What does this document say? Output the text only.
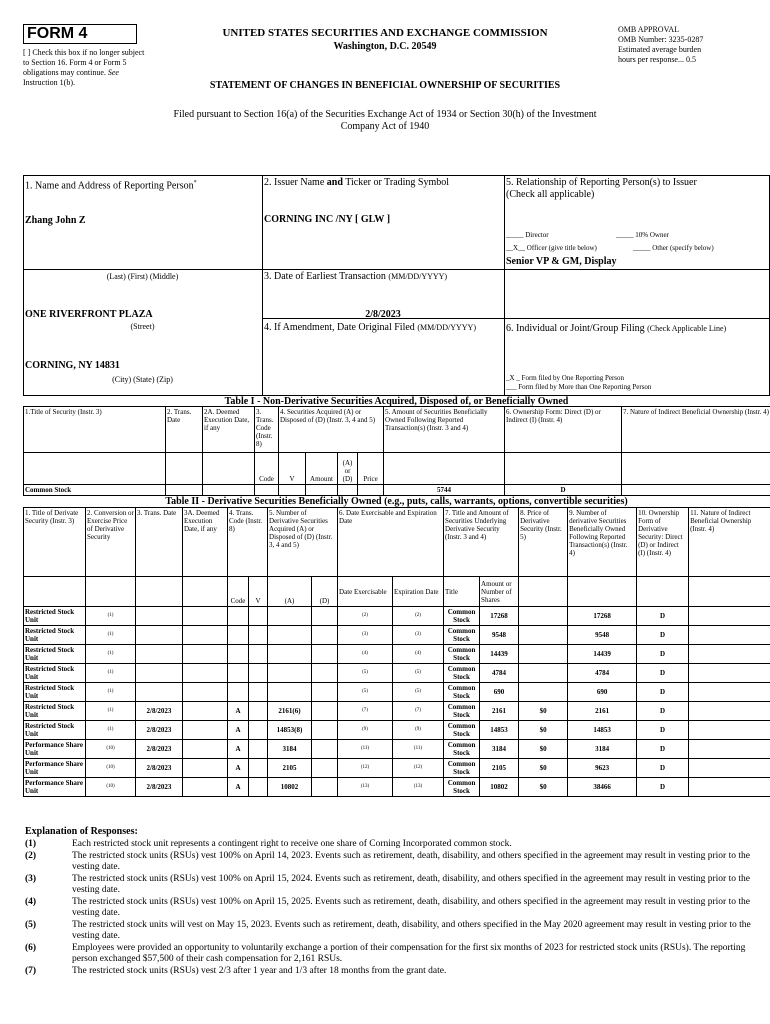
FORM 4
[ ] Check this box if no longer subject to Section 16. Form 4 or Form 5 obligations may continue. See Instruction 1(b).
UNITED STATES SECURITIES AND EXCHANGE COMMISSION
Washington, D.C. 20549
STATEMENT OF CHANGES IN BENEFICIAL OWNERSHIP OF SECURITIES
OMB APPROVAL
OMB Number: 3235-0287
Estimated average burden
hours per response... 0.5
Filed pursuant to Section 16(a) of the Securities Exchange Act of 1934 or Section 30(h) of the Investment Company Act of 1940
1. Name and Address of Reporting Person*
Zhang John Z
(Last) (First) (Middle)
ONE RIVERFRONT PLAZA
(Street)
CORNING, NY 14831
(City) (State) (Zip)
2. Issuer Name and Ticker or Trading Symbol
CORNING INC /NY [ GLW ]
3. Date of Earliest Transaction (MM/DD/YYYY)
2/8/2023
4. If Amendment, Date Original Filed (MM/DD/YYYY)
5. Relationship of Reporting Person(s) to Issuer
(Check all applicable)
_____ Director	_____ 10% Owner
__X__ Officer (give title below)	_____ Other (specify below)
Senior VP & GM, Display
6. Individual or Joint/Group Filing (Check Applicable Line)
_X _ Form filed by One Reporting Person
___ Form filed by More than One Reporting Person
Table I - Non-Derivative Securities Acquired, Disposed of, or Beneficially Owned
1.Title of Security (Instr. 3)	2. Trans. Date	2A. Deemed Execution Date, if any	3. Trans. Code (Instr. 8)	4. Securities Acquired (A) or Disposed of (D) (Instr. 3, 4 and 5)				5. Amount of Securities Beneficially Owned Following Reported Transaction(s) (Instr. 3 and 4)	6. Ownership Form: Direct (D) or Indirect (I) (Instr. 4)	7. Nature of Indirect Beneficial Ownership (Instr. 4)
			Code	V	Amount	(A) or (D)	Price			
Common Stock								5744	D	
Table II - Derivative Securities Beneficially Owned (e.g., puts, calls, warrants, options, convertible securities)
1. Title of Derivate Security (Instr. 3)	2. Conversion or Exercise Price of Derivative Security	3. Trans. Date	3A. Deemed Execution Date, if any	4. Trans. Code (Instr. 8)		5. Number of Derivative Securities Acquired (A) or Disposed of (D) (Instr. 3, 4 and 5)		6. Date Exercisable and Expiration Date		7. Title and Amount of Securities Underlying Derivative Security (Instr. 3 and 4)		8. Price of Derivative Security (Instr. 5)	9. Number of derivative Securities Beneficially Owned Following Reported Transaction(s) (Instr. 4)	10. Ownership Form of Derivative Security: Direct (D) or Indirect (I) (Instr. 4)	11. Nature of Indirect Beneficial Ownership (Instr. 4)
				Code	V	(A)	(D)	Date Exercisable	Expiration Date	Title	Amount or Number of Shares				
Restricted Stock Unit	(1)							(2)	(2)	Common Stock	17268		17268	D	
Restricted Stock Unit	(1)							(3)	(3)	Common Stock	9548		9548	D	
Restricted Stock Unit	(1)							(4)	(4)	Common Stock	14439		14439	D	
Restricted Stock Unit	(1)							(5)	(5)	Common Stock	4784		4784	D	
Restricted Stock Unit	(1)							(5)	(5)	Common Stock	690		690	D	
Restricted Stock Unit	(1)	2/8/2023		A		2161(6)		(7)	(7)	Common Stock	2161	$0	2161	D	
Restricted Stock Unit	(1)	2/8/2023		A		14853(8)		(9)	(9)	Common Stock	14853	$0	14853	D	
Performance Share Unit	(10)	2/8/2023		A		3184		(11)	(11)	Common Stock	3184	$0	3184	D	
Performance Share Unit	(10)	2/8/2023		A		2105		(12)	(12)	Common Stock	2105	$0	9623	D	
Performance Share Unit	(10)	2/8/2023		A		10802		(13)	(13)	Common Stock	10802	$0	38466	D	
Explanation of Responses:
(1)	Each restricted stock unit represents a contingent right to receive one share of Corning Incorporated common stock.
(2)	The restricted stock units (RSUs) vest 100% on April 14, 2023. Events such as retirement, death, disability, and others specified in the agreement may result in vesting prior to the vesting date.
(3)	The restricted stock units (RSUs) vest 100% on April 15, 2024. Events such as retirement, death, disability, and others specified in the agreement may result in vesting prior to the vesting date.
(4)	The restricted stock units (RSUs) vest 100% on April 15, 2025. Events such as retirement, death, disability, and others specified in the agreement may result in vesting prior to the vesting date.
(5)	The restricted stock units will vest on May 15, 2023. Events such as retirement, death, disability, and others specified in the May 2020 agreement may result in vesting prior to the vesting date.
(6)	Employees were provided an opportunity to voluntarily exchange a portion of their compensation for the first six months of 2023 for restricted stock units (RSUs). The reporting person exchanged $57,500 of their cash compensation for 2,161 RSUs.
(7)	The restricted stock units (RSUs) vest 2/3 after 1 year and 1/3 after 18 months from the grant date.
